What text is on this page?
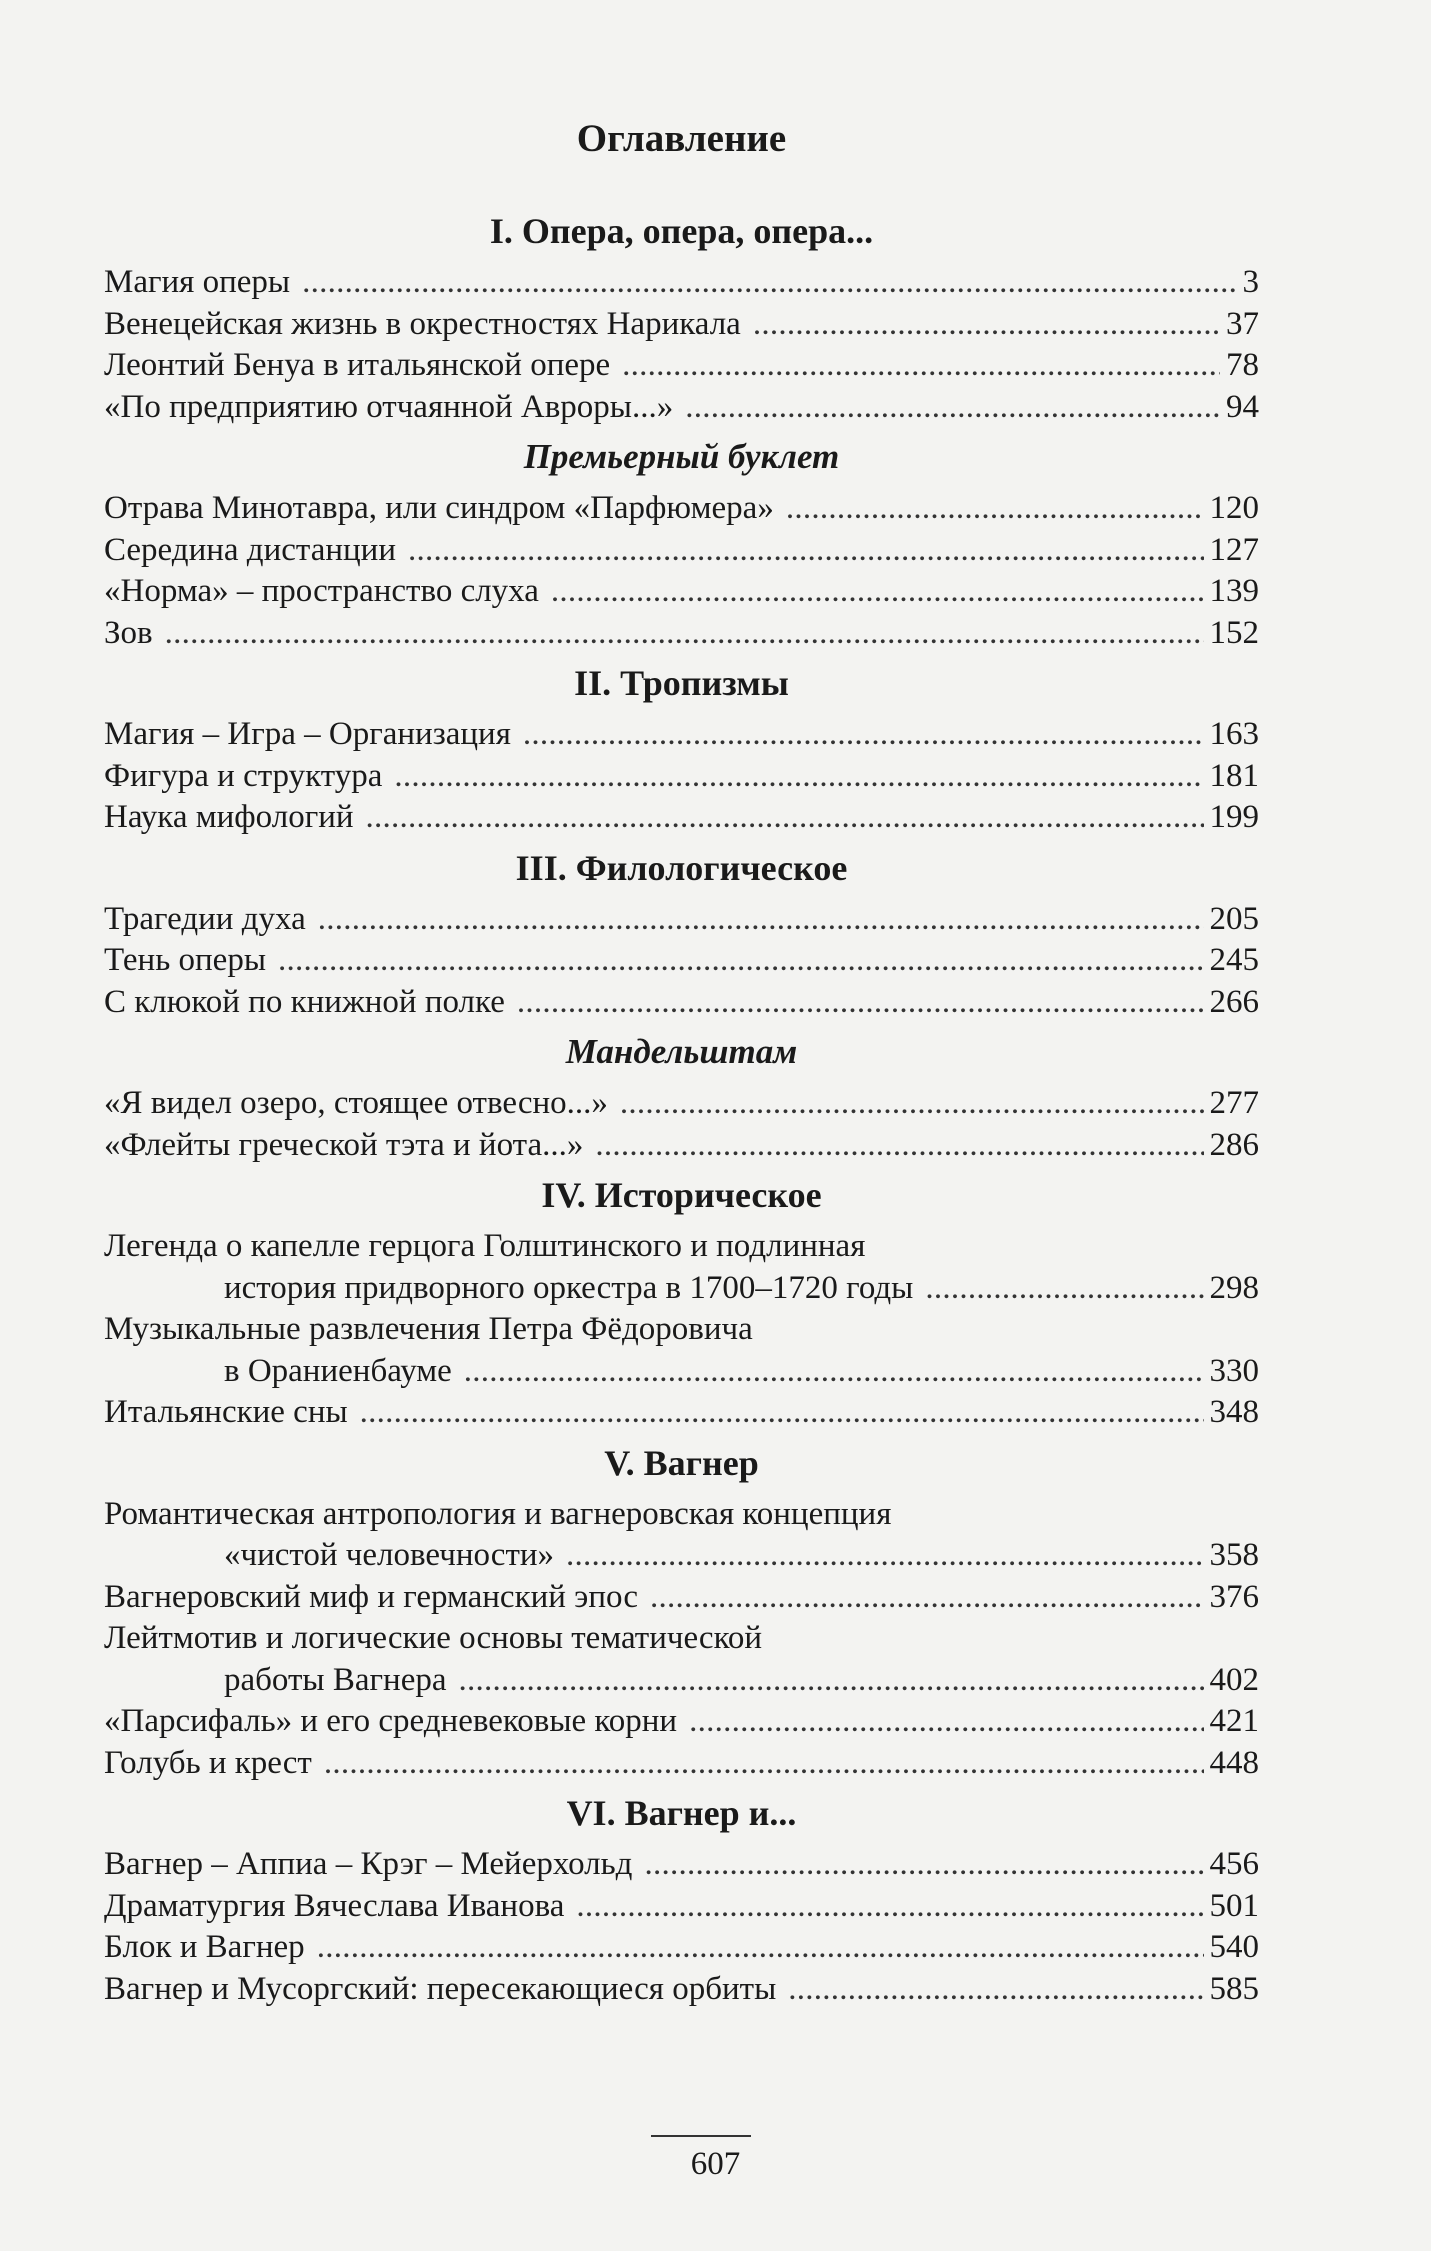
Оглавление
I. Опера, опера, опера...
Магия оперы . . .	3
Венецейская жизнь в окрестностях Нарикала . . .	37
Леонтий Бенуа в итальянской опере . . .	78
«По предприятию отчаянной Авроры...» . . .	94
Премьерный буклет
Отрава Минотавра, или синдром «Парфюмера» . . .	120
Середина дистанции . . .	127
«Норма» – пространство слуха . . .	139
Зов . . .	152
II. Тропизмы
Магия – Игра – Организация . . .	163
Фигура и структура . . .	181
Наука мифологий . . .	199
III. Филологическое
Трагедии духа . . .	205
Тень оперы . . .	245
С клюкой по книжной полке . . .	266
Мандельштам
«Я видел озеро, стоящее отвесно...» . . .	277
«Флейты греческой тэта и йота...» . . .	286
IV. Историческое
Легенда о капелле герцога Голштинского и подлинная
история придворного оркестра в 1700–1720 годы . . .	298
Музыкальные развлечения Петра Фёдоровича
в Ораниенбауме . . .	330
Итальянские сны . . .	348
V. Вагнер
Романтическая антропология и вагнеровская концепция
«чистой человечности» . . .	358
Вагнеровский миф и германский эпос . . .	376
Лейтмотив и логические основы тематической
работы Вагнера . . .	402
«Парсифаль» и его средневековые корни . . .	421
Голубь и крест . . .	448
VI. Вагнер и...
Вагнер – Аппиа – Крэг – Мейерхольд . . .	456
Драматургия Вячеслава Иванова . . .	501
Блок и Вагнер . . .	540
Вагнер и Мусоргский: пересекающиеся орбиты . . .	585
607
